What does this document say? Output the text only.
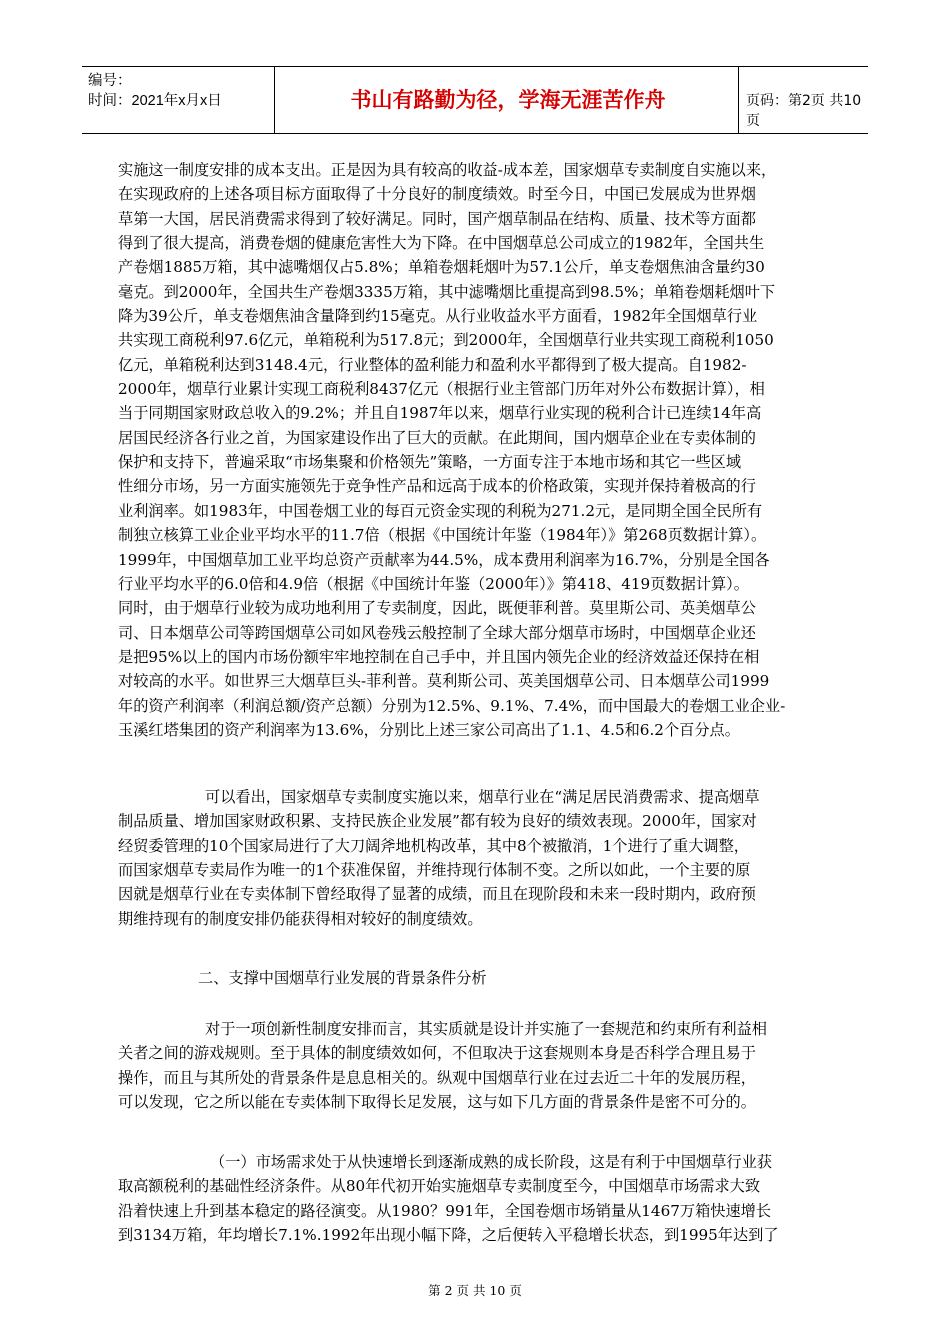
编号：
时间：2021年x月x日	书山有路勤为径，学海无涯苦作舟	页码：第2页 共10页

实施这一制度安排的成本支出。正是因为具有较高的收益-成本差，国家烟草专卖制度自实施以来，

在实现政府的上述各项目标方面取得了十分良好的制度绩效。时至今日，中国已发展成为世界烟

草第一大国，居民消费需求得到了较好满足。同时，国产烟草制品在结构、质量、技术等方面都

得到了很大提高，消费卷烟的健康危害性大为下降。在中国烟草总公司成立的1982年，全国共生

产卷烟1885万箱，其中滤嘴烟仅占5.8%；单箱卷烟耗烟叶为57.1公斤，单支卷烟焦油含量约30

毫克。到2000年，全国共生产卷烟3335万箱，其中滤嘴烟比重提高到98.5%；单箱卷烟耗烟叶下

降为39公斤，单支卷烟焦油含量降到约15毫克。从行业收益水平方面看，1982年全国烟草行业

共实现工商税利97.6亿元，单箱税利为517.8元；到2000年，全国烟草行业共实现工商税利1050

亿元，单箱税利达到3148.4元，行业整体的盈利能力和盈利水平都得到了极大提高。自1982-

2000年，烟草行业累计实现工商税利8437亿元（根据行业主管部门历年对外公布数据计算），相

当于同期国家财政总收入的9.2%；并且自1987年以来，烟草行业实现的税利合计已连续14年高

居国民经济各行业之首，为国家建设作出了巨大的贡献。在此期间，国内烟草企业在专卖体制的

保护和支持下，普遍采取“市场集聚和价格领先”策略，一方面专注于本地市场和其它一些区域

性细分市场，另一方面实施领先于竞争性产品和远高于成本的价格政策，实现并保持着极高的行

业利润率。如1983年，中国卷烟工业的每百元资金实现的利税为271.2元，是同期全国全民所有

制独立核算工业企业平均水平的11.7倍（根据《中国统计年鉴（1984年）》第268页数据计算）。

1999年，中国烟草加工业平均总资产贡献率为44.5%，成本费用利润率为16.7%，分别是全国各

行业平均水平的6.0倍和4.9倍（根据《中国统计年鉴（2000年）》第418、419页数据计算）。

同时，由于烟草行业较为成功地利用了专卖制度，因此，既便菲利普。莫里斯公司、英美烟草公

司、日本烟草公司等跨国烟草公司如风卷残云般控制了全球大部分烟草市场时，中国烟草企业还

是把95%以上的国内市场份额牢牢地控制在自己手中，并且国内领先企业的经济效益还保持在相

对较高的水平。如世界三大烟草巨头-菲利普。莫利斯公司、英美国烟草公司、日本烟草公司1999

年的资产利润率（利润总额/资产总额）分别为12.5%、9.1%、7.4%，而中国最大的卷烟工业企业-

玉溪红塔集团的资产利润率为13.6%，分别比上述三家公司高出了1.1、4.5和6.2个百分点。

可以看出，国家烟草专卖制度实施以来，烟草行业在“满足居民消费需求、提高烟草

制品质量、增加国家财政积累、支持民族企业发展”都有较为良好的绩效表现。2000年，国家对

经贸委管理的10个国家局进行了大刀阔斧地机构改革，其中8个被撤消，1个进行了重大调整，

而国家烟草专卖局作为唯一的1个获准保留，并维持现行体制不变。之所以如此，一个主要的原

因就是烟草行业在专卖体制下曾经取得了显著的成绩，而且在现阶段和未来一段时期内，政府预

期维持现有的制度安排仍能获得相对较好的制度绩效。

二、支撑中国烟草行业发展的背景条件分析

对于一项创新性制度安排而言，其实质就是设计并实施了一套规范和约束所有利益相

关者之间的游戏规则。至于具体的制度绩效如何，不但取决于这套规则本身是否科学合理且易于

操作，而且与其所处的背景条件是息息相关的。纵观中国烟草行业在过去近二十年的发展历程，

可以发现，它之所以能在专卖体制下取得长足发展，这与如下几方面的背景条件是密不可分的。

（一）市场需求处于从快速增长到逐渐成熟的成长阶段，这是有利于中国烟草行业获

取高额税利的基础性经济条件。从80年代初开始实施烟草专卖制度至今，中国烟草市场需求大致

沿着快速上升到基本稳定的路径演变。从1980？991年，全国卷烟市场销量从1467万箱快速增长

到3134万箱，年均增长7.1%.1992年出现小幅下降，之后便转入平稳增长状态，到1995年达到了

第 2 页 共 10 页
